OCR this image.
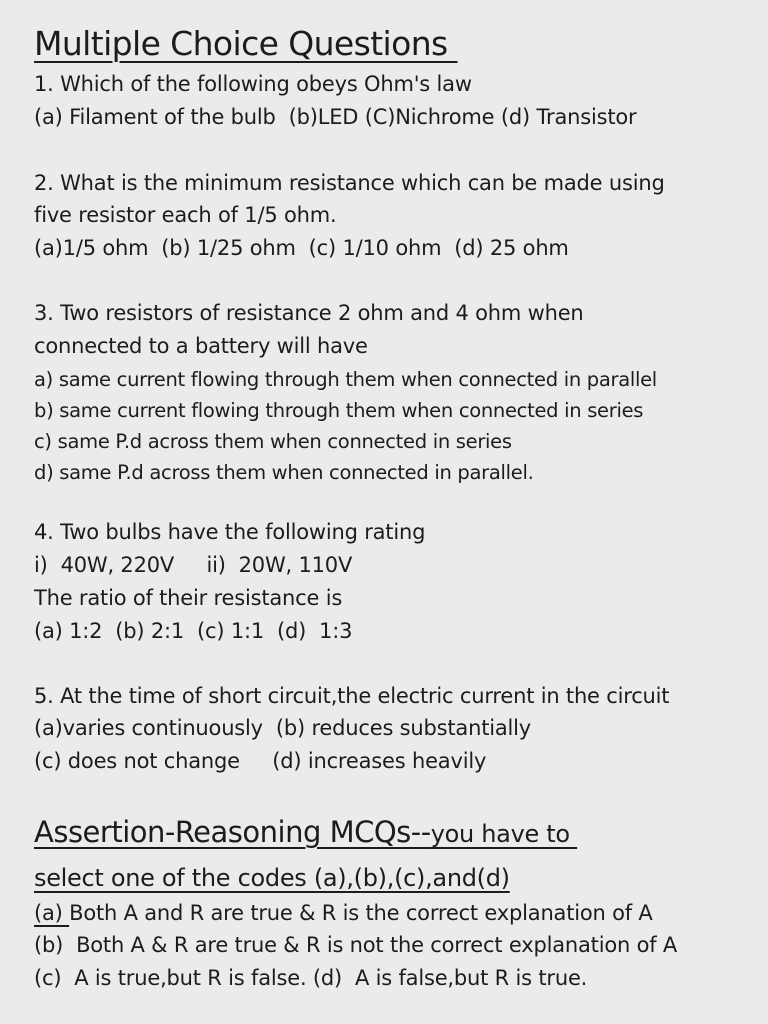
Multiple Choice Questions
1. Which of the following obeys Ohm's law
(a) Filament of the bulb  (b)LED (C)Nichrome (d) Transistor
2. What is the minimum resistance which can be made using
five resistor each of 1/5 ohm.
(a)1/5 ohm  (b) 1/25 ohm  (c) 1/10 ohm  (d) 25 ohm
3. Two resistors of resistance 2 ohm and 4 ohm when
connected to a battery will have
a) same current flowing through them when connected in parallel
b) same current flowing through them when connected in series
c) same P.d across them when connected in series
d) same P.d across them when connected in parallel.
4. Two bulbs have the following rating
i)  40W, 220V     ii)  20W, 110V
The ratio of their resistance is
(a) 1:2  (b) 2:1  (c) 1:1  (d)  1:3
5. At the time of short circuit,the electric current in the circuit
(a)varies continuously  (b) reduces substantially
(c) does not change     (d) increases heavily
Assertion-Reasoning MCQs--you have to
select one of the codes (a),(b),(c),and(d)
(a) Both A and R are true & R is the correct explanation of A
(b)  Both A & R are true & R is not the correct explanation of A
(c)  A is true,but R is false. (d)  A is false,but R is true.
